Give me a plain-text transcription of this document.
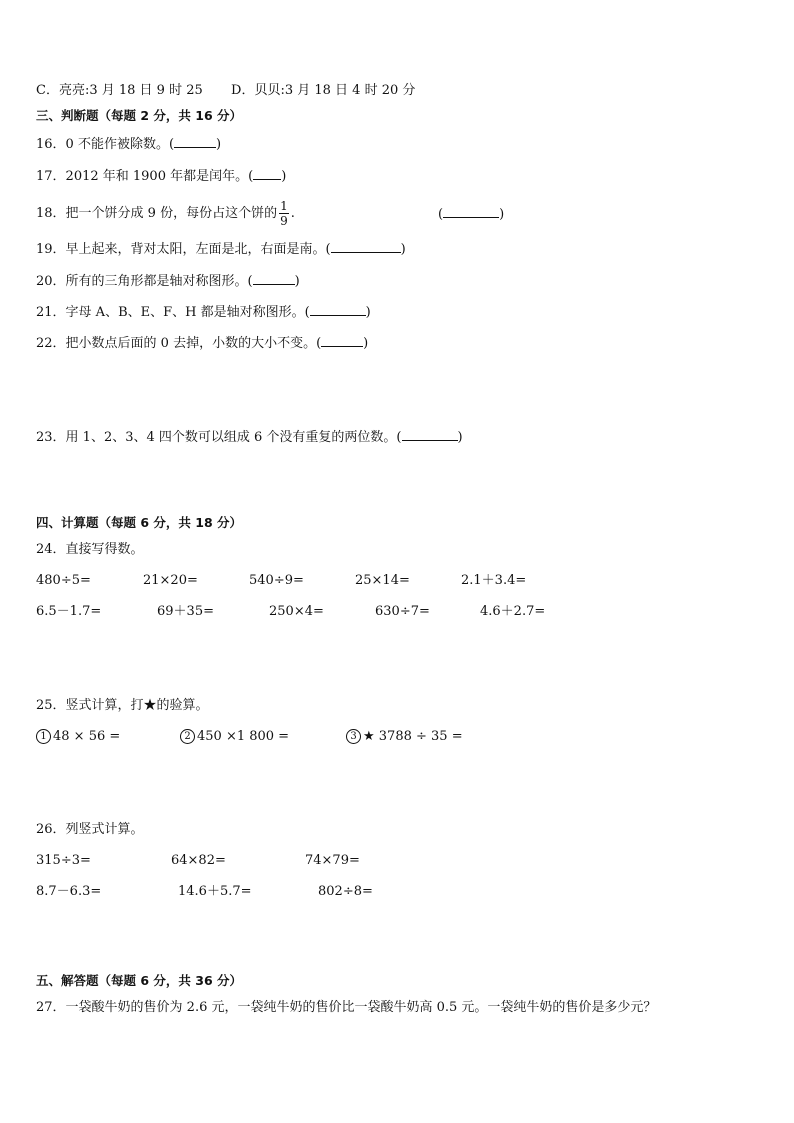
C．亮亮:3 月 18 日 9 时 25 D．贝贝:3 月 18 日 4 时 20 分
三、判断题（每题 2 分，共 16 分）
16．0 不能作被除数。(	)
17．2012 年和 1900 年都是闰年。( )
18．把一个饼分成 9 份，每份占这个饼的 $\frac{1}{9}$ .	(	)
19．早上起来，背对太阳，左面是北，右面是南。(	)
20．所有的三角形都是轴对称图形。(	)
21．字母 A、B、E、F、H 都是轴对称图形。(	)
22．把小数点后面的 0 去掉，小数的大小不变。(	)
23．用 1、2、3、4 四个数可以组成 6 个没有重复的两位数。(	)
四、计算题（每题 6 分，共 18 分）
24．直接写得数。
480÷5=	21×20=	540÷9=	25×14=	2.1＋3.4=
6.5－1.7=	69＋35=	250×4=	630÷7=	4.6＋2.7=
25．竖式计算，打★的验算。
1 48 × 56 =	2 450 ×1 800 =	3 ★ 3788 ÷ 35 =
26．列竖式计算。
315÷3=	64×82=	74×79=
8.7－6.3=	14.6＋5.7=	802÷8=
五、解答题（每题 6 分，共 36 分）
27．一袋酸牛奶的售价为 2.6 元，一袋纯牛奶的售价比一袋酸牛奶高 0.5 元。一袋纯牛奶的售价是多少元？
